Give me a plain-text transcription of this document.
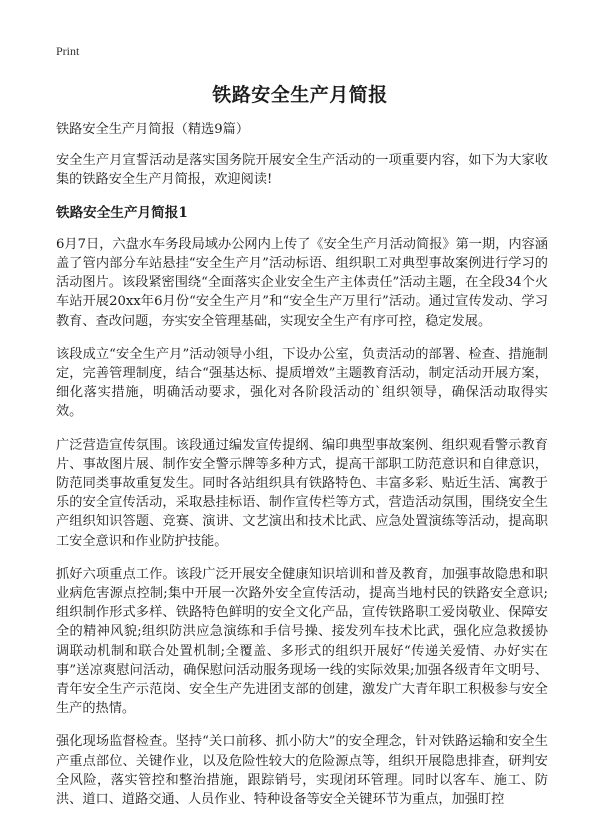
Print
铁路安全生产月简报

铁路安全生产月简报（精选9篇）

安全生产月宣誓活动是落实国务院开展安全生产活动的一项重要内容，如下为大家收集的铁路安全生产月简报，欢迎阅读!

铁路安全生产月简报1

6月7日，六盘水车务段局域办公网内上传了《安全生产月活动简报》第一期，内容涵盖了管内部分车站悬挂“安全生产月”活动标语、组织职工对典型事故案例进行学习的活动图片。该段紧密围绕“全面落实企业安全生产主体责任”活动主题，在全段34个火车站开展20xx年6月份“安全生产月”和“安全生产万里行”活动。通过宣传发动、学习教育、查改问题，夯实安全管理基础，实现安全生产有序可控，稳定发展。

该段成立“安全生产月”活动领导小组，下设办公室，负责活动的部署、检查、措施制定，完善管理制度，结合“强基达标、提质增效”主题教育活动，制定活动开展方案，细化落实措施，明确活动要求，强化对各阶段活动的`组织领导，确保活动取得实效。

广泛营造宣传氛围。该段通过编发宣传提纲、编印典型事故案例、组织观看警示教育片、事故图片展、制作安全警示牌等多种方式，提高干部职工防范意识和自律意识，防范同类事故重复发生。同时各站组织具有铁路特色、丰富多彩、贴近生活、寓教于乐的安全宣传活动，采取悬挂标语、制作宣传栏等方式，营造活动氛围，围绕安全生产组织知识答题、竞赛、演讲、文艺演出和技术比武、应急处置演练等活动，提高职工安全意识和作业防护技能。

抓好六项重点工作。该段广泛开展安全健康知识培训和普及教育，加强事故隐患和职业病危害源点控制;集中开展一次路外安全宣传活动，提高当地村民的铁路安全意识;组织制作形式多样、铁路特色鲜明的安全文化产品，宣传铁路职工爱岗敬业、保障安全的精神风貌;组织防洪应急演练和手信号操、接发列车技术比武，强化应急救援协调联动机制和联合处置机制;全覆盖、多形式的组织开展好“传递关爱情、办好实在事”送凉爽慰问活动，确保慰问活动服务现场一线的实际效果;加强各级青年文明号、青年安全生产示范岗、安全生产先进团支部的创建，激发广大青年职工积极参与安全生产的热情。

强化现场监督检查。坚持“关口前移、抓小防大”的安全理念，针对铁路运输和安全生产重点部位、关键作业，以及危险性较大的危险源点等，组织开展隐患排查，研判安全风险，落实管控和整治措施，跟踪销号，实现闭环管理。同时以客车、施工、防洪、道口、道路交通、人员作业、特种设备等安全关键环节为重点，加强盯控
